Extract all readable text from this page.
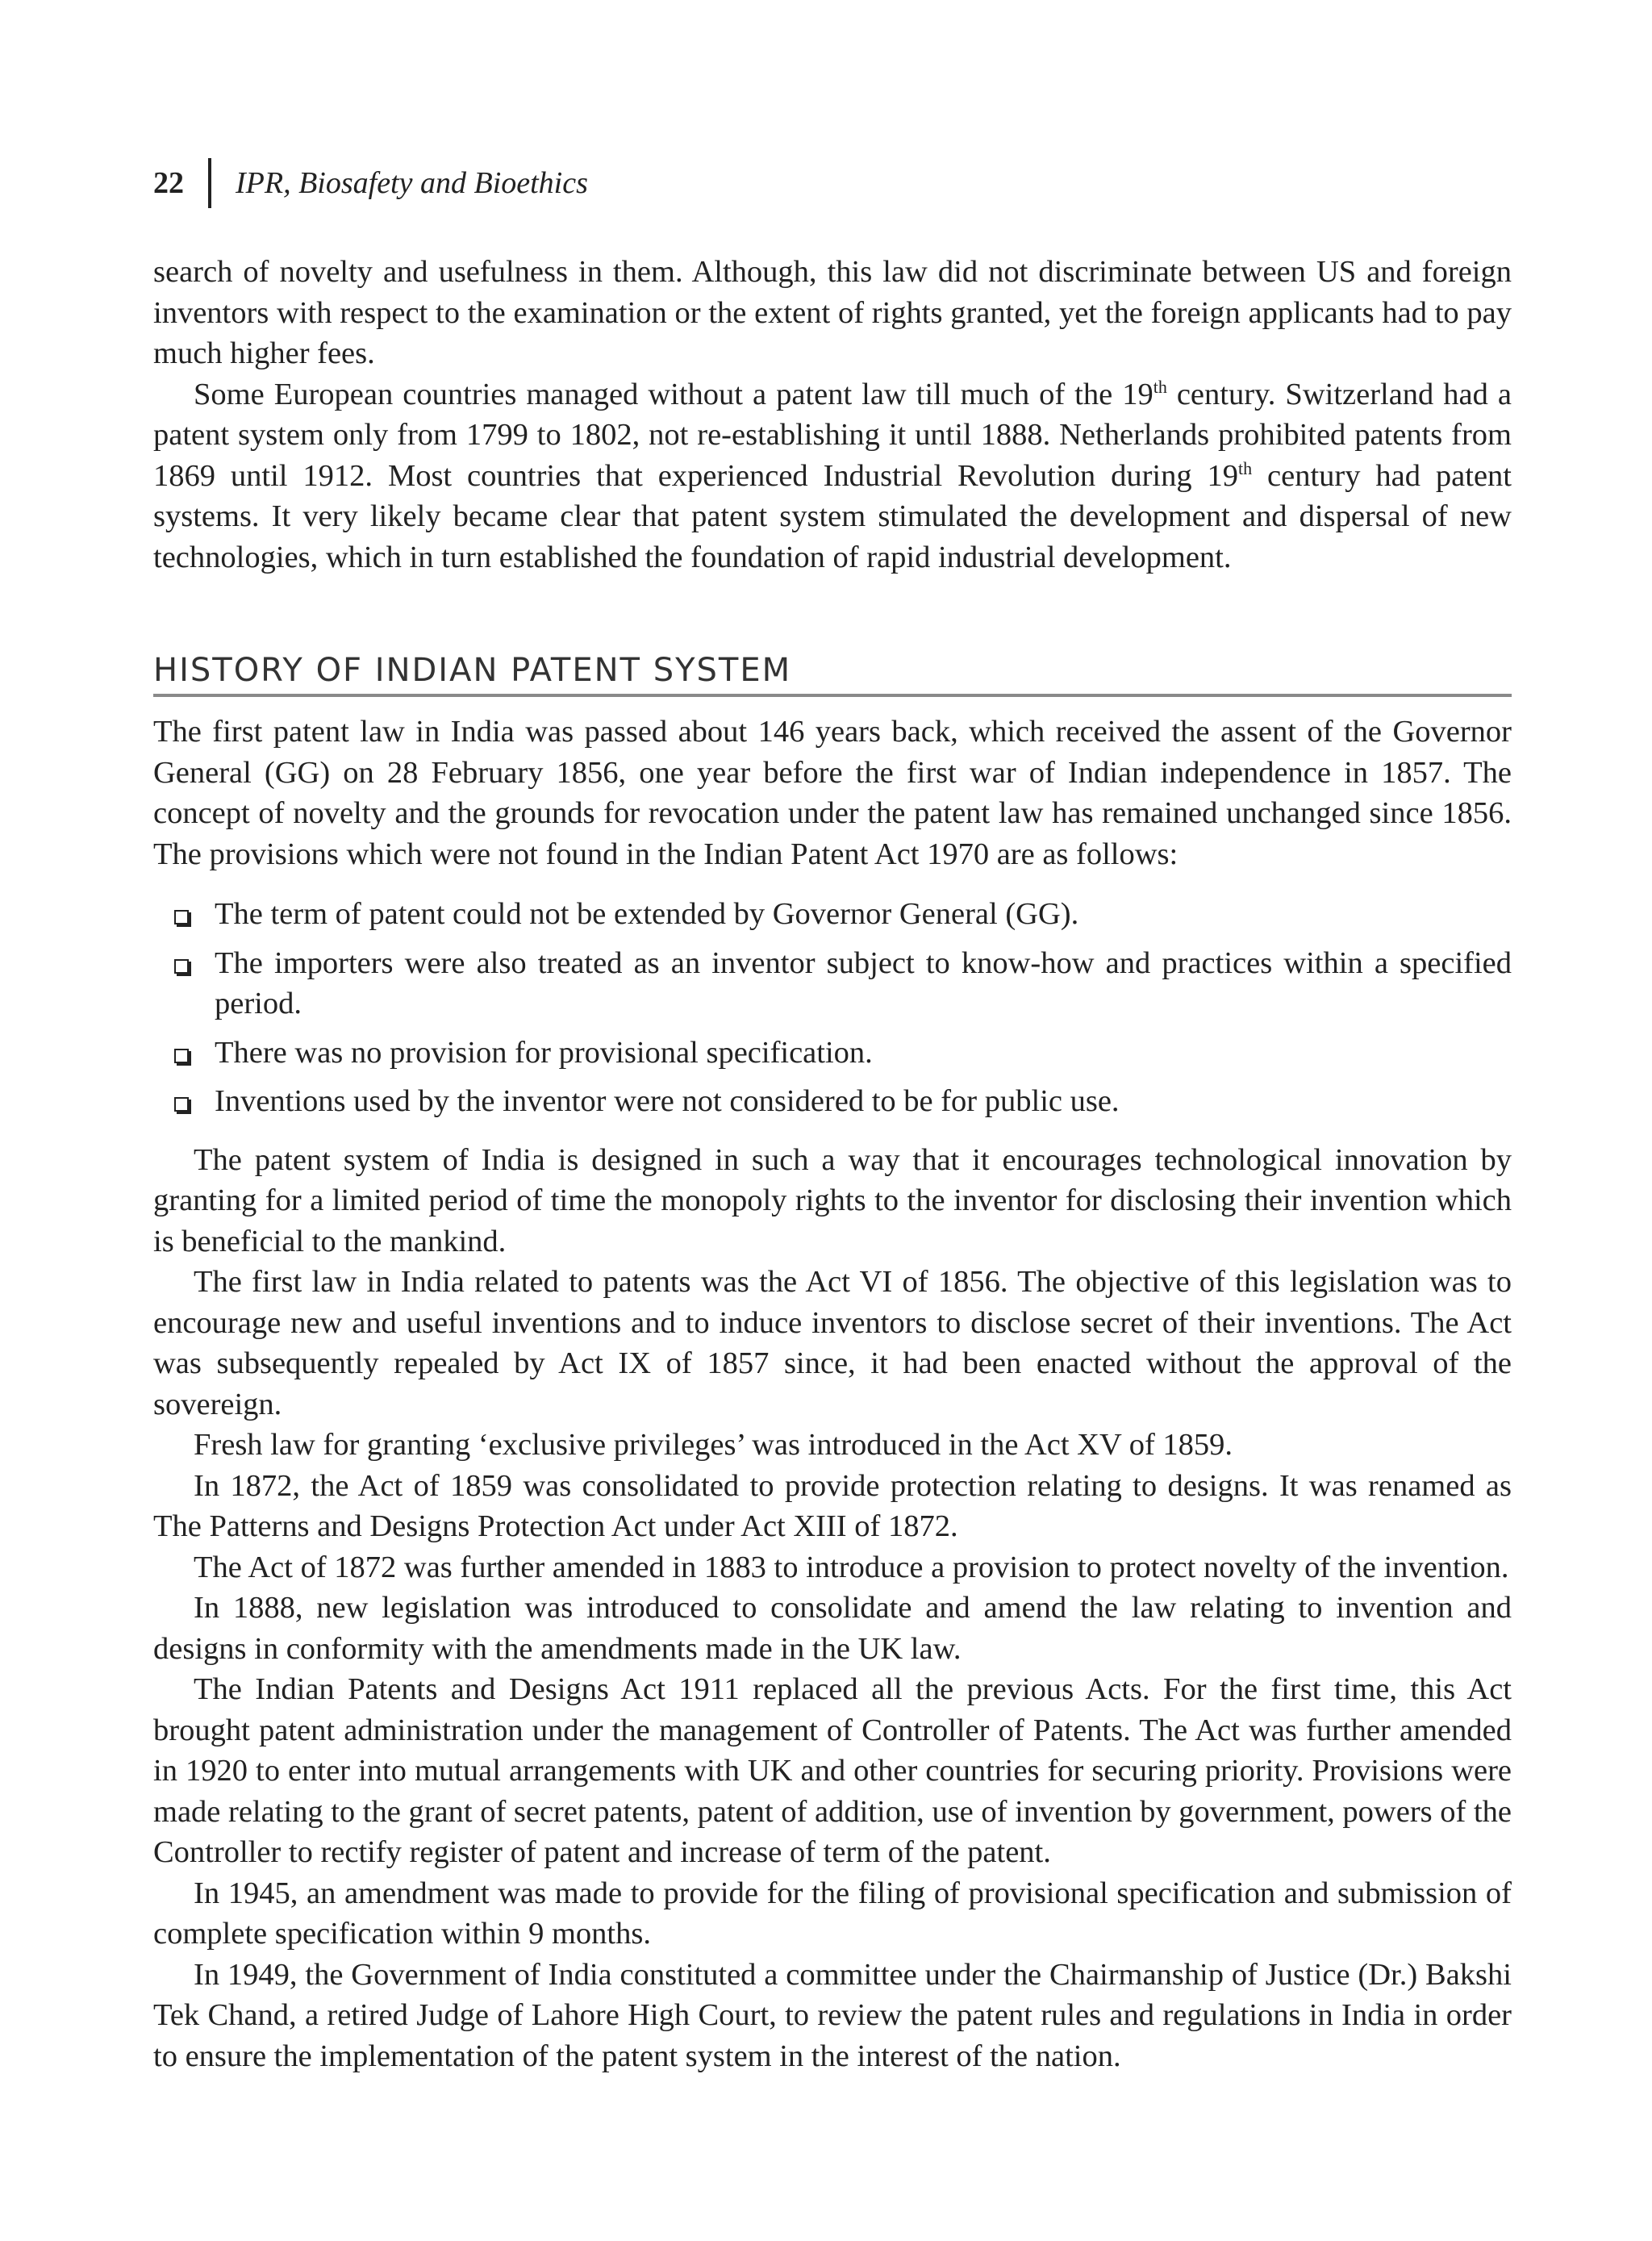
22 IPR, Biosafety and Bioethics

search of novelty and usefulness in them. Although, this law did not discriminate between US and foreign inventors with respect to the examination or the extent of rights granted, yet the foreign applicants had to pay much higher fees.

Some European countries managed without a patent law till much of the 19th century. Switzerland had a patent system only from 1799 to 1802, not re-establishing it until 1888. Netherlands prohibited patents from 1869 until 1912. Most countries that experienced Industrial Revolution during 19th century had patent systems. It very likely became clear that patent system stimulated the development and dispersal of new technologies, which in turn established the foundation of rapid industrial development.

HISTORY OF INDIAN PATENT SYSTEM

The first patent law in India was passed about 146 years back, which received the assent of the Governor General (GG) on 28 February 1856, one year before the first war of Indian independence in 1857. The concept of novelty and the grounds for revocation under the patent law has remained unchanged since 1856. The provisions which were not found in the Indian Patent Act 1970 are as follows:

The term of patent could not be extended by Governor General (GG).
The importers were also treated as an inventor subject to know-how and practices within a specified period.
There was no provision for provisional specification.
Inventions used by the inventor were not considered to be for public use.

The patent system of India is designed in such a way that it encourages technological innovation by granting for a limited period of time the monopoly rights to the inventor for disclosing their invention which is beneficial to the mankind.

The first law in India related to patents was the Act VI of 1856. The objective of this legislation was to encourage new and useful inventions and to induce inventors to disclose secret of their inventions. The Act was subsequently repealed by Act IX of 1857 since, it had been enacted without the approval of the sovereign.

Fresh law for granting ‘exclusive privileges’ was introduced in the Act XV of 1859.

In 1872, the Act of 1859 was consolidated to provide protection relating to designs. It was renamed as The Patterns and Designs Protection Act under Act XIII of 1872.

The Act of 1872 was further amended in 1883 to introduce a provision to protect novelty of the invention.

In 1888, new legislation was introduced to consolidate and amend the law relating to invention and designs in conformity with the amendments made in the UK law.

The Indian Patents and Designs Act 1911 replaced all the previous Acts. For the first time, this Act brought patent administration under the management of Controller of Patents. The Act was further amended in 1920 to enter into mutual arrangements with UK and other countries for securing priority. Provisions were made relating to the grant of secret patents, patent of addition, use of invention by government, powers of the Controller to rectify register of patent and increase of term of the patent.

In 1945, an amendment was made to provide for the filing of provisional specification and submission of complete specification within 9 months.

In 1949, the Government of India constituted a committee under the Chairmanship of Justice (Dr.) Bakshi Tek Chand, a retired Judge of Lahore High Court, to review the patent rules and regulations in India in order to ensure the implementation of the patent system in the interest of the nation.
